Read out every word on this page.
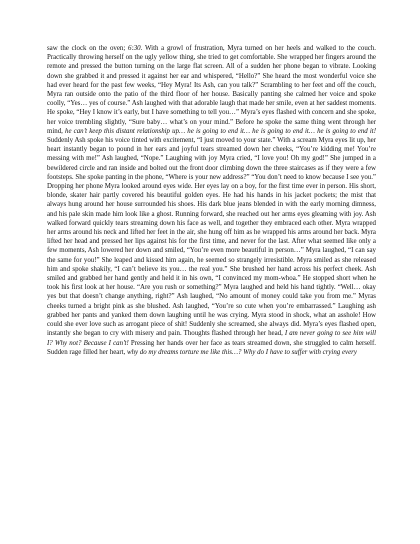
saw the clock on the oven; 6:30. With a growl of frustration, Myra turned on her heels and walked to the couch. Practically throwing herself on the ugly yellow thing, she tried to get comfortable. She wrapped her fingers around the remote and pressed the button turning on the large flat screen. All of a sudden her phone began to vibrate. Looking down she grabbed it and pressed it against her ear and whispered, “Hello?” She heard the most wonderful voice she had ever heard for the past few weeks, “Hey Myra! Its Ash, can you talk?” Scrambling to her feet and off the couch, Myra ran outside onto the patio of the third floor of her house. Basically panting she calmed her voice and spoke coolly, “Yes… yes of course.” Ash laughed with that adorable laugh that made her smile, even at her saddest moments. He spoke, “Hey I know it’s early, but I have something to tell you…” Myra’s eyes flashed with concern and she spoke, her voice trembling slightly, “Sure baby… what’s on your mind.” Before he spoke the same thing went through her mind, he can’t keep this distant relationship up… he is going to end it… he is going to end it… he is going to end it! Suddenly Ash spoke his voice tinted with excitement, “I just moved to your state.” With a scream Myra eyes lit up, her heart instantly began to pound in her ears and joyful tears streamed down her cheeks, “You’re kidding me! You’re messing with me!” Ash laughed, “Nope.” Laughing with joy Myra cried, “I love you! Oh my god!” She jumped in a bewildered circle and ran inside and bolted out the front door climbing down the three staircases as if they were a few footsteps. She spoke panting in the phone, “Where is your new address?” “You don’t need to know because I see you.” Dropping her phone Myra looked around eyes wide. Her eyes lay on a boy, for the first time ever in person. His short, blonde, skater hair partly covered his beautiful golden eyes. He had his hands in his jacket pockets; the mist that always hung around her house surrounded his shoes. His dark blue jeans blended in with the early morning dimness, and his pale skin made him look like a ghost. Running forward, she reached out her arms eyes gleaming with joy. Ash walked forward quickly tears streaming down his face as well, and together they embraced each other. Myra wrapped her arms around his neck and lifted her feet in the air, she hung off him as he wrapped his arms around her back. Myra lifted her head and pressed her lips against his for the first time, and never for the last. After what seemed like only a few moments, Ash lowered her down and smiled, “You’re even more beautiful in person…” Myra laughed, “I can say the same for you!” She leaped and kissed him again, he seemed so strangely irresistible. Myra smiled as she released him and spoke shakily, “I can’t believe its you… the real you.” She brushed her hand across his perfect cheek. Ash smiled and grabbed her hand gently and held it in his own, “I convinced my mom-whoa.” He stopped short when he took his first look at her house. “Are you rush or something?” Myra laughed and held his hand tightly. “Well… okay yes but that doesn’t change anything, right?” Ash laughed, “No amount of money could take you from me.” Myras cheeks turned a bright pink as she blushed. Ash laughed, “You’re so cute when you’re embarrassed.” Laughing ash grabbed her pants and yanked them down laughing until he was crying. Myra stood in shock, what an asshole! How could she ever love such as arrogant piece of shit! Suddenly she screamed, she always did. Myra’s eyes flashed open, instantly she began to cry with misery and pain. Thoughts flashed through her head, I am never going to see him will I? Why not? Because I can’t! Pressing her hands over her face as tears streamed down, she struggled to calm herself. Sudden rage filled her heart, why do my dreams torture me like this…? Why do I have to suffer with crying every
